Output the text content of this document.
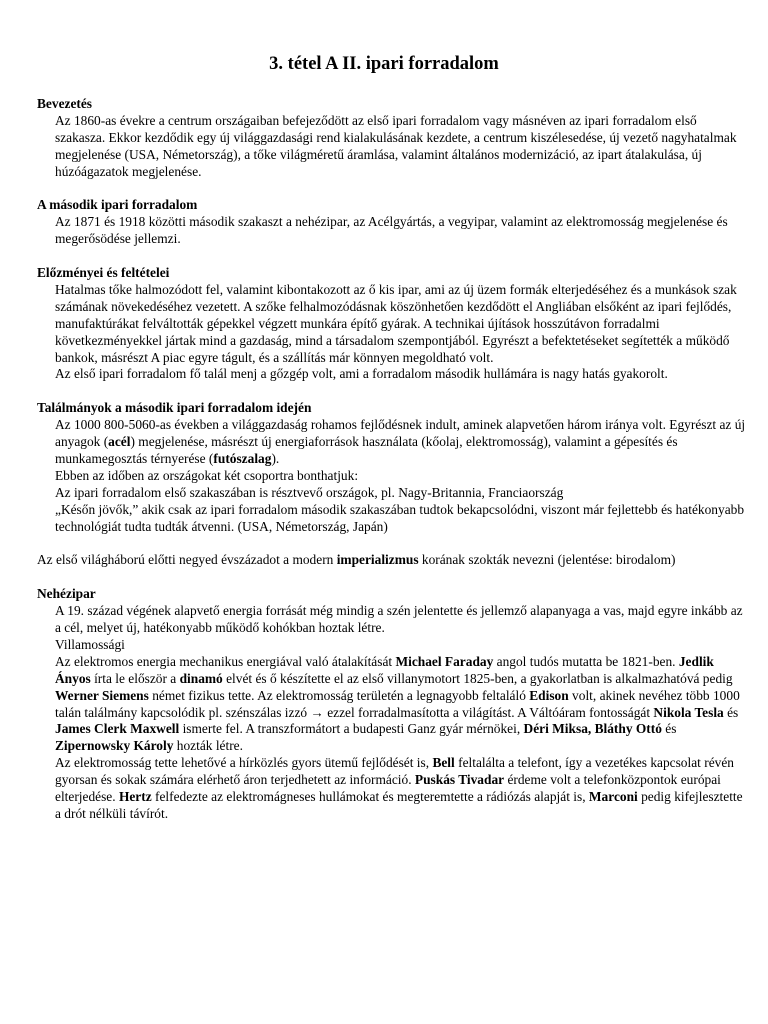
3. tétel A II. ipari forradalom

Bevezetés

Az 1860-as évekre a centrum országaiban befejeződött az első ipari forradalom vagy másnéven az ipari forradalom első szakasza. Ekkor kezdődik egy új világgazdasági rend kialakulásának kezdete, a centrum kiszélesedése, új vezető nagyhatalmak megjelenése (USA, Németország), a tőke világméretű áramlása, valamint általános modernizáció, az ipart átalakulása, új húzóágazatok megjelenése.

A második ipari forradalom

Az 1871 és 1918 közötti második szakaszt a nehézipar, az Acélgyártás, a vegyipar, valamint az elektromosság megjelenése és megerősödése jellemzi.

Előzményei és feltételei

Hatalmas tőke halmozódott fel, valamint kibontakozott az ő kis ipar, ami az új üzem formák elterjedéséhez és a munkások szak számának növekedéséhez vezetett. A szőke felhalmozódásnak köszönhetően kezdődött el Angliában elsőként az ipari fejlődés, manufaktúrákat felváltották gépekkel végzett munkára építő gyárak. A technikai újítások hosszútávon forradalmi következményekkel jártak mind a gazdaság, mind a társadalom szempontjából. Egyrészt a befektetéseket segítették a működő bankok, másrészt A piac egyre tágult, és a szállítás már könnyen megoldható volt.

Az első ipari forradalom fő talál menj a gőzgép volt, ami a forradalom második hullámára is nagy hatás gyakorolt.

Találmányok a második ipari forradalom idején

Az 1000 800-5060-as években a világgazdaság rohamos fejlődésnek indult, aminek alapvetően három iránya volt. Egyrészt az új anyagok (acél) megjelenése, másrészt új energiaforrások használata (kőolaj, elektromosság), valamint a gépesítés és munkamegosztás térnyerése (futószalag).

Ebben az időben az országokat két csoportra bonthatjuk:

Az ipari forradalom első szakaszában is résztvevő országok, pl. Nagy-Britannia, Franciaország

„Későn jövők,” akik csak az ipari forradalom második szakaszában tudtok bekapcsolódni, viszont már fejlettebb és hatékonyabb technológiát tudta tudták átvenni. (USA, Németország, Japán)

Az első világháború előtti negyed évszázadot a modern imperializmus korának szokták nevezni (jelentése: birodalom)

Nehézipar

A 19. század végének alapvető energia forrását még mindig a szén jelentette és jellemző alapanyaga a vas, majd egyre inkább az a cél, melyet új, hatékonyabb működő kohókban hoztak létre.

Villamossági

Az elektromos energia mechanikus energiával való átalakítását Michael Faraday angol tudós mutatta be 1821-ben. Jedlik Ányos írta le először a dinamó elvét és ő készítette el az első villanymotort 1825-ben, a gyakorlatban is alkalmazhatóvá pedig Werner Siemens német fizikus tette. Az elektromosság területén a legnagyobb feltaláló Edison volt, akinek nevéhez több 1000 talán találmány kapcsolódik pl. szénszálas izzó → ezzel forradalmasította a világítást. A Váltóáram fontosságát Nikola Tesla és James Clerk Maxwell ismerte fel. A transzformátort a budapesti Ganz gyár mérnökei, Déri Miksa, Bláthy Ottó és Zipernowsky Károly hozták létre.

Az elektromosság tette lehetővé a hírközlés gyors ütemű fejlődését is, Bell feltalálta a telefont, így a vezetékes kapcsolat révén gyorsan és sokak számára elérhető áron terjedhetett az információ. Puskás Tivadar érdeme volt a telefonközpontok európai elterjedése. Hertz felfedezte az elektromágneses hullámokat és megteremtette a rádiózás alapját is, Marconi pedig kifejlesztette a drót nélküli távírót.
